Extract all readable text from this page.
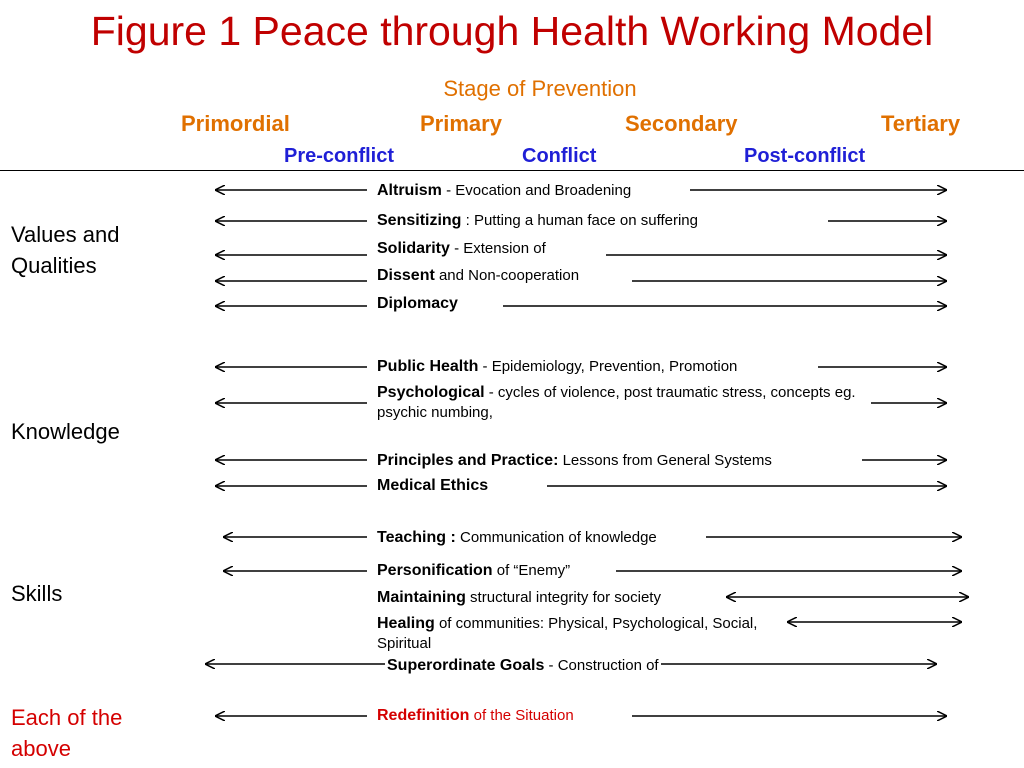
Figure 1 Peace through Health Working Model
Stage of Prevention
Primordial	Primary	Secondary	Tertiary
Pre-conflict	Conflict	Post-conflict
Values and Qualities
Knowledge
Skills
Each of the above
Altruism - Evocation and Broadening
Sensitizing : Putting a human face on suffering
Solidarity - Extension of
Dissent and Non-cooperation
Diplomacy
Public Health - Epidemiology, Prevention, Promotion
Psychological - cycles of violence, post traumatic stress, concepts eg. psychic numbing,
Principles and Practice: Lessons from General Systems
Medical Ethics
Teaching : Communication of knowledge
Personification of “Enemy”
Maintaining structural integrity for society
Healing of communities: Physical, Psychological, Social, Spiritual
Superordinate Goals - Construction of
Redefinition of the Situation
